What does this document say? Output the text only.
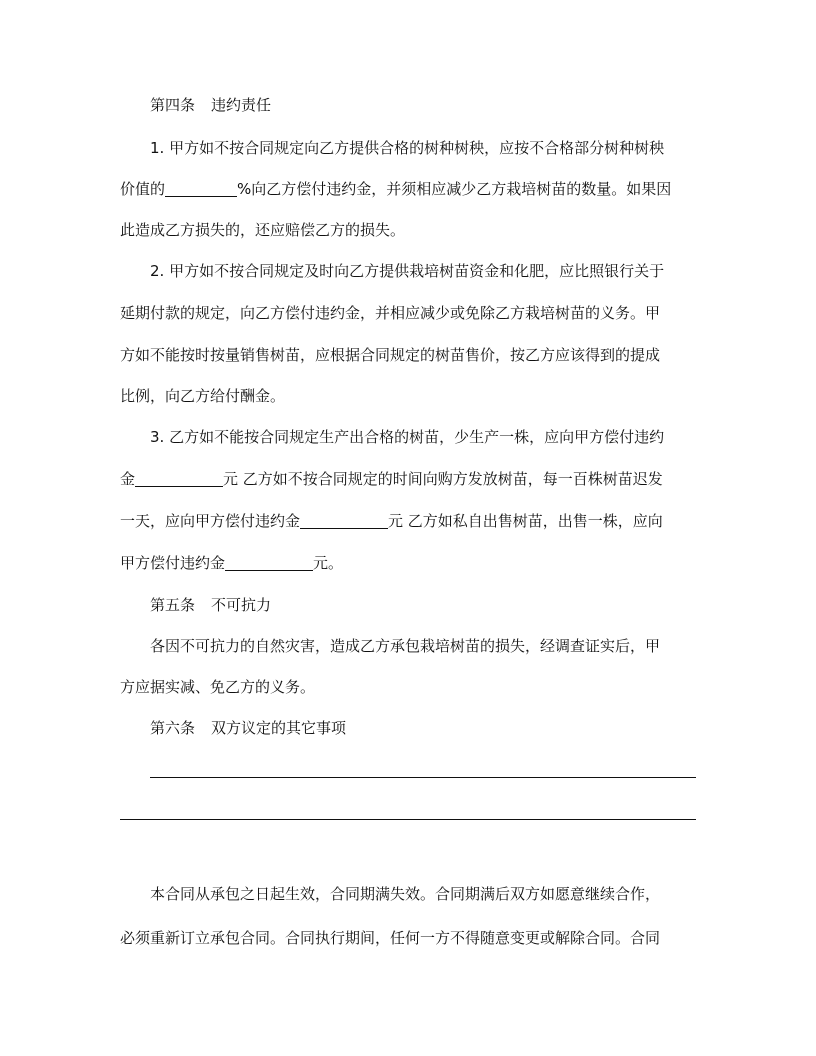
第四条 违约责任
1. 甲方如不按合同规定向乙方提供合格的树种树秧，应按不合格部分树种树秧
价值的	%向乙方偿付违约金，并须相应减少乙方栽培树苗的数量。如果因
此造成乙方损失的，还应赔偿乙方的损失。
2. 甲方如不按合同规定及时向乙方提供栽培树苗资金和化肥，应比照银行关于
延期付款的规定，向乙方偿付违约金，并相应减少或免除乙方栽培树苗的义务。甲
方如不能按时按量销售树苗，应根据合同规定的树苗售价，按乙方应该得到的提成
比例，向乙方给付酬金。
3. 乙方如不能按合同规定生产出合格的树苗，少生产一株，应向甲方偿付违约
金	元 乙方如不按合同规定的时间向购方发放树苗，每一百株树苗迟发
一天，应向甲方偿付违约金	元 乙方如私自出售树苗，出售一株，应向
甲方偿付违约金	元。
第五条 不可抗力
各因不可抗力的自然灾害，造成乙方承包栽培树苗的损失，经调查证实后，甲
方应据实减、免乙方的义务。
第六条 双方议定的其它事项
本合同从承包之日起生效，合同期满失效。合同期满后双方如愿意继续合作，
必须重新订立承包合同。合同执行期间，任何一方不得随意变更或解除合同。合同
